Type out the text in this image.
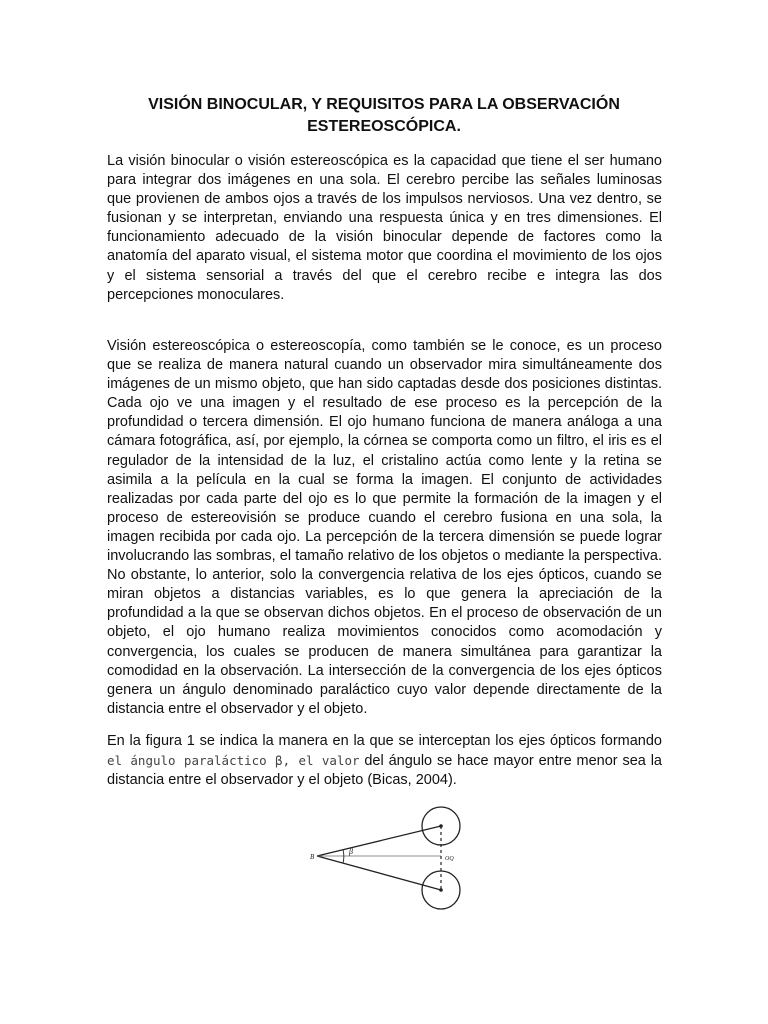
VISIÓN BINOCULAR, Y REQUISITOS PARA LA OBSERVACIÓN
ESTEREOSCÓPICA.

La visión binocular o visión estereoscópica es la capacidad que tiene el ser humano para integrar dos imágenes en una sola. El cerebro percibe las señales luminosas que provienen de ambos ojos a través de los impulsos nerviosos. Una vez dentro, se fusionan y se interpretan, enviando una respuesta única y en tres dimensiones. El funcionamiento adecuado de la visión binocular depende de factores como la anatomía del aparato visual, el sistema motor que coordina el movimiento de los ojos y el sistema sensorial a través del que el cerebro recibe e integra las dos percepciones monoculares.

Visión estereoscópica o estereoscopía, como también se le conoce, es un proceso que se realiza de manera natural cuando un observador mira simultáneamente dos imágenes de un mismo objeto, que han sido captadas desde dos posiciones distintas. Cada ojo ve una imagen y el resultado de ese proceso es la percepción de la profundidad o tercera dimensión. El ojo humano funciona de manera análoga a una cámara fotográfica, así, por ejemplo, la córnea se comporta como un filtro, el iris es el regulador de la intensidad de la luz, el cristalino actúa como lente y la retina se asimila a la película en la cual se forma la imagen. El conjunto de actividades realizadas por cada parte del ojo es lo que permite la formación de la imagen y el proceso de estereovisión se produce cuando el cerebro fusiona en una sola, la imagen recibida por cada ojo. La percepción de la tercera dimensión se puede lograr involucrando las sombras, el tamaño relativo de los objetos o mediante la perspectiva. No obstante, lo anterior, solo la convergencia relativa de los ejes ópticos, cuando se miran objetos a distancias variables, es lo que genera la apreciación de la profundidad a la que se observan dichos objetos. En el proceso de observación de un objeto, el ojo humano realiza movimientos conocidos como acomodación y convergencia, los cuales se producen de manera simultánea para garantizar la comodidad en la observación. La intersección de la convergencia de los ejes ópticos genera un ángulo denominado paraláctico cuyo valor depende directamente de la distancia entre el observador y el objeto.

En la figura 1 se indica la manera en la que se interceptan los ejes ópticos formando el ángulo paraláctico β, el valor del ángulo se hace mayor entre menor sea la distancia entre el observador y el objeto (Bicas, 2004).

B
β
OQ
